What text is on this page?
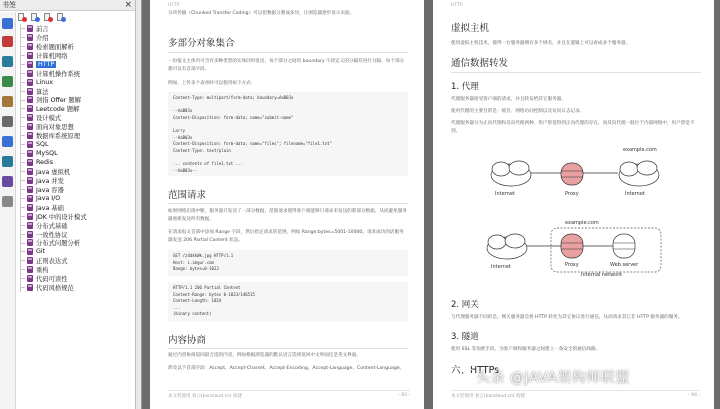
书签	×
前言
介绍
检索题面解析
计算机网络
HTTP
计算机操作系统
Linux
算法
剑指 Offer 题解
Leetcode 题解
设计模式
面向对象思想
数据库系统原理
SQL
MySQL
Redis
Java 虚拟机
Java 并发
Java 容器
Java I/O
Java 基础
JDK 中的设计模式
分布式基础
一致性协议
分布式问题分析
Git
正则表达式
重构
代码可读性
代码风格规范
HTTP
分块传输（Chunked Transfer Coding）可以把数据分割成多块，让浏览器逐步显示页面。
多部分对象集合
一份报文主体内可含有多种类型的实体同时发送，每个部分之间用 boundary 字段定义的分隔符进行分隔，每个部分都可以有首部字段。
例如，上传多个表单时可以使用如下方式：
Content-Type: multipart/form-data; boundary=AaB03x

--AaB03x
Content-Disposition: form-data; name="submit-name"

Larry
--AaB03x
Content-Disposition: form-data; name="files"; filename="file1.txt"
Content-Type: text/plain

... contents of file1.txt ...
--AaB03x--
范围请求
如果网络出现中断，服务器只发送了一部分数据，范围请求使得客户端能够只请求未发送的那部分数据，从而避免服务器重新发送所有数据。
在请求报文首部中添加 Range 字段，然后指定请求的范围，例如 Range:bytes=5001-10000。请求成功的话服务器发送 206 Partial Content 状态。
GET /z4d4kWk.jpg HTTP/1.1
Host: i.imgur.com
Range: bytes=0-1023
HTTP/1.1 206 Partial Content
Content-Range: bytes 0-1023/146515
Content-Length: 1024
...
(binary content)
内容协商
通过内容协商返回最合适的内容，例如根据浏览器的默认语言选择返回中文界面还是英文界面。
涉及以下首部字段：Accept、Accept-Charset、Accept-Encoding、Accept-Language、Content-Language。
本文档使用 看云(kancloud.cn) 构建	- 93 -
HTTP
虚拟主机
使用虚拟主机技术，使得一台服务器拥有多个域名，并且在逻辑上可以看成多个服务器。
通信数据转发
1. 代理
代理服务器接受客户端的请求，并且转发给其它服务器。
使用代理的主要目的是：缓存、网络访问控制以及访问日志记录。
代理服务器分为正向代理和反向代理两种，用户察觉得到正向代理的存在，而反向代理一般位于内部网络中，用户察觉不到。
example.com
Internet	Proxy	Internet
example.com
Internet	Proxy	Web server
Internal network
2. 网关
与代理服务器不同的是，网关服务器会将 HTTP 转化为其它协议进行通信，从而请求其它非 HTTP 服务器的服务。
3. 隧道
使用 SSL 等加密手段，为客户端和服务器之间建立一条安全的通信线路。
六、HTTPs
本文档使用 看云(kancloud.cn) 构建	- 94 -
头条 @JAVA架构师联盟
